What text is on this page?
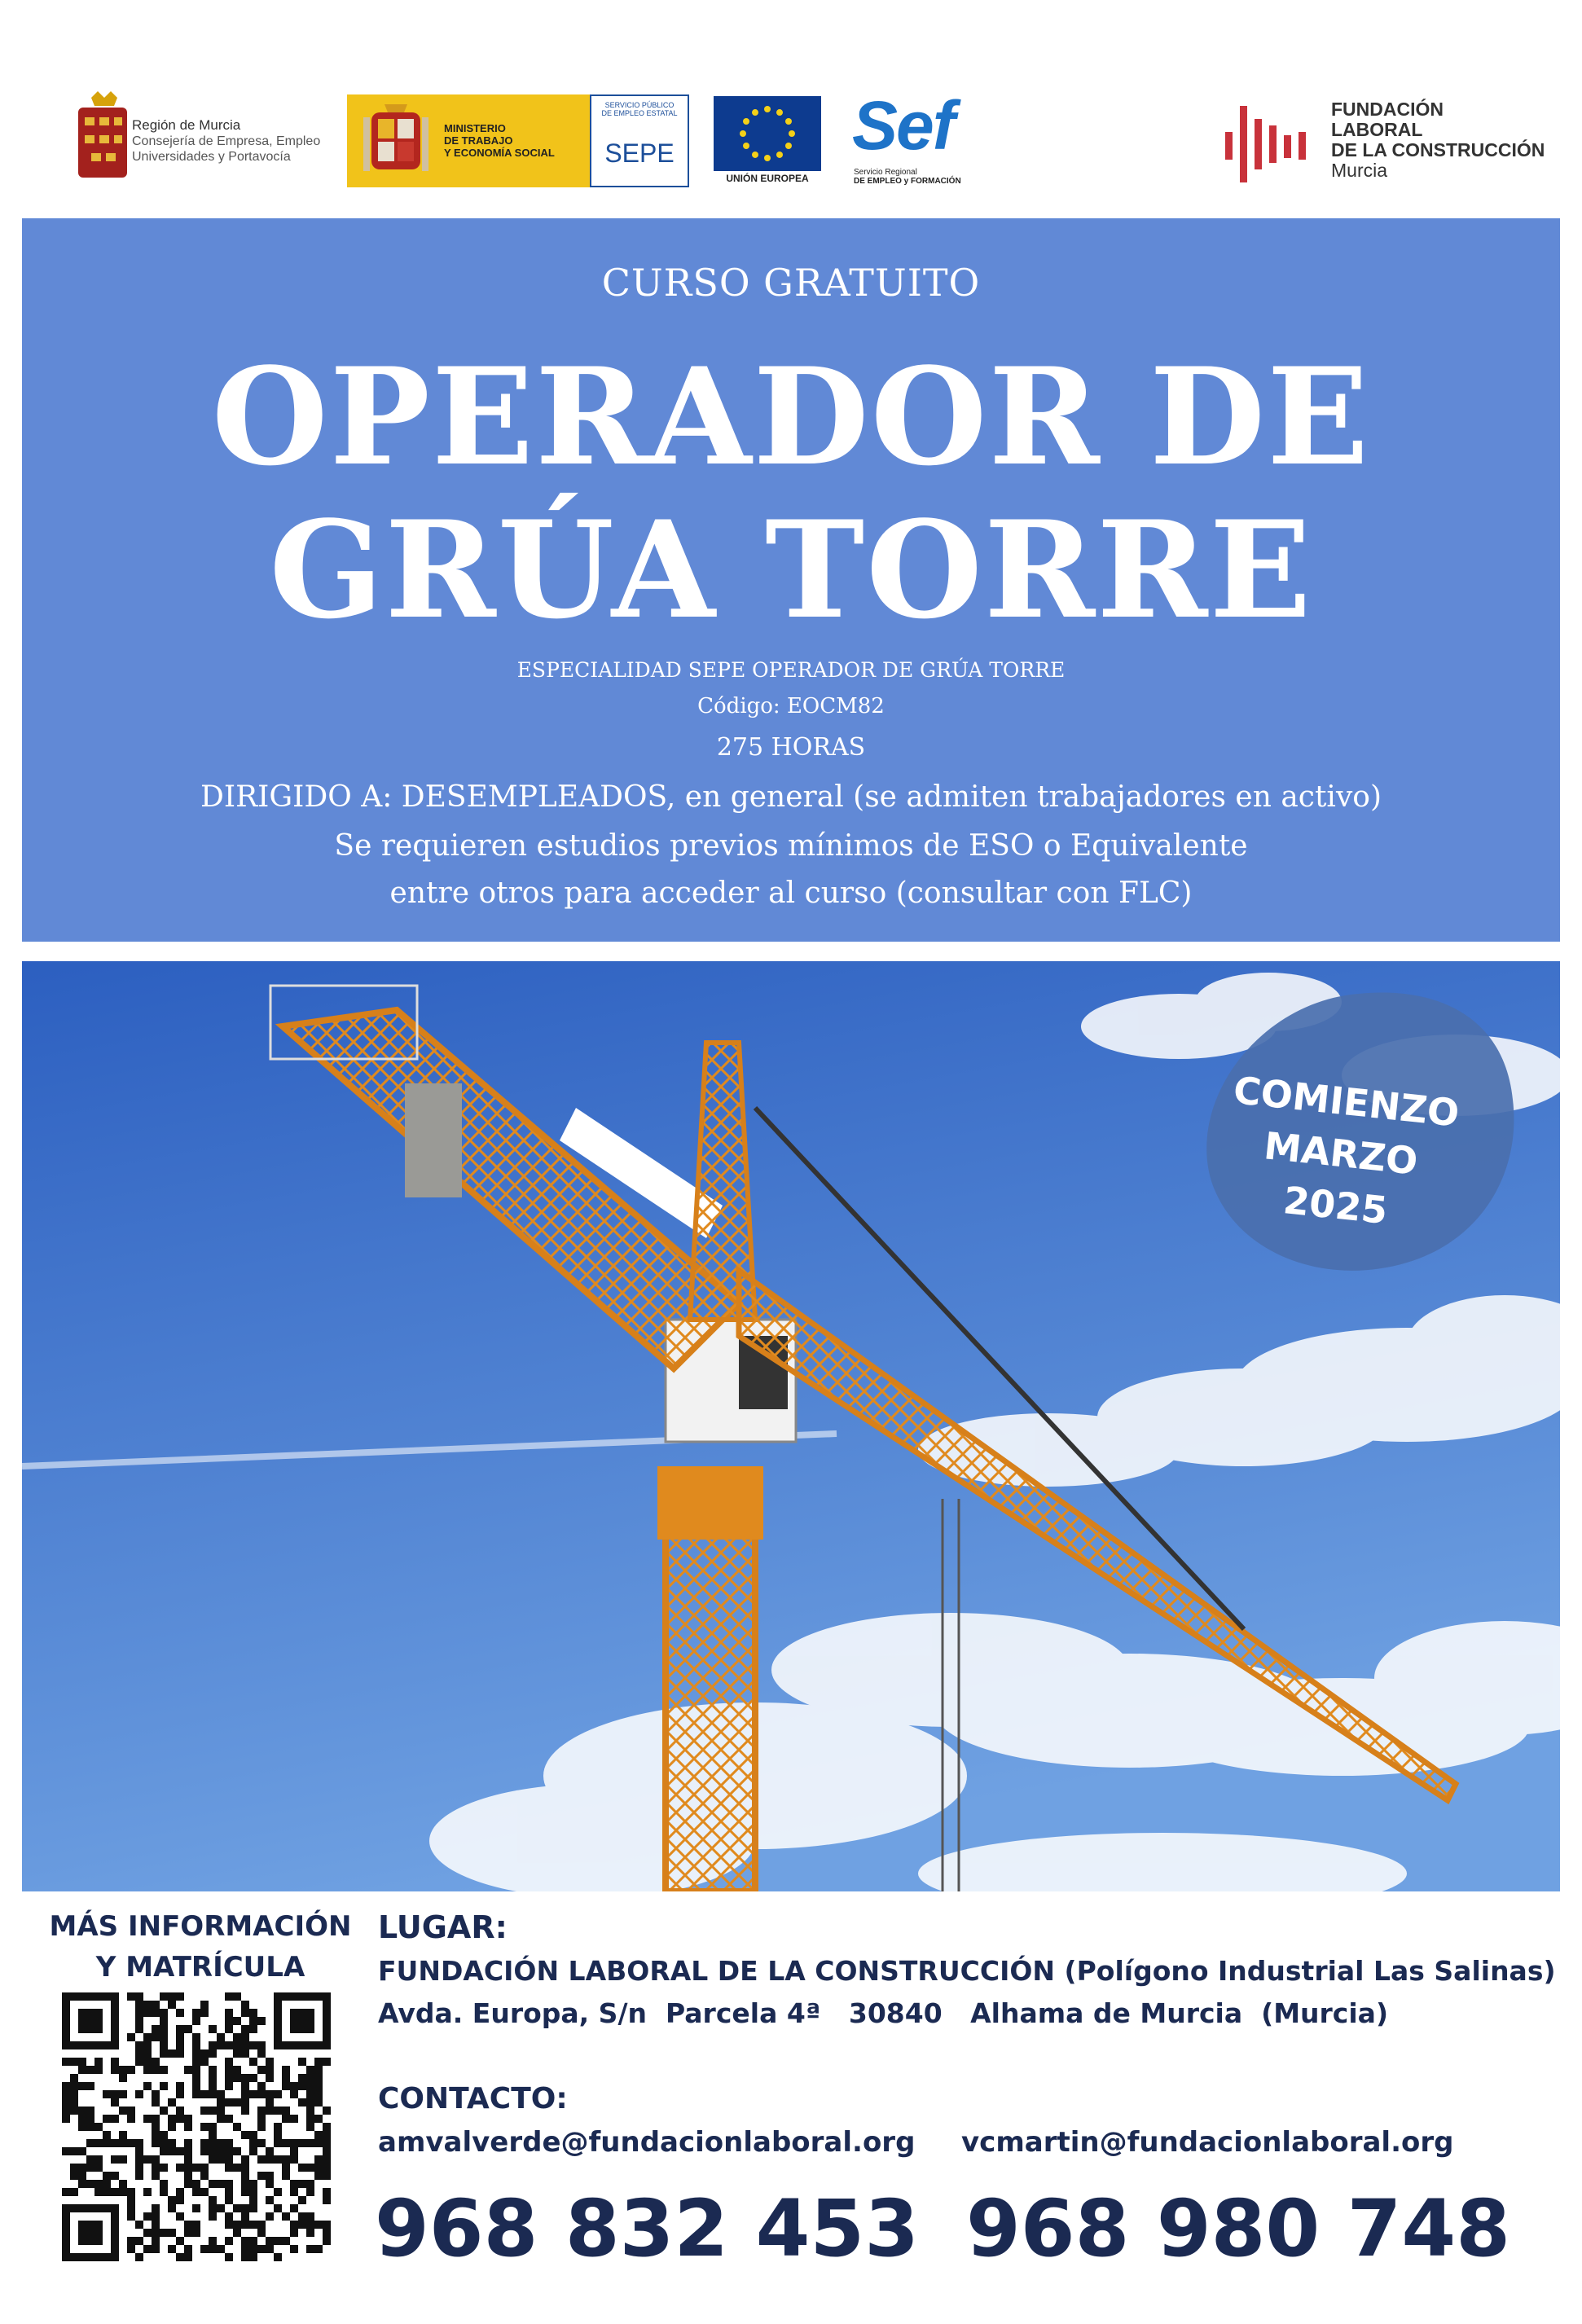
Región de Murcia
Consejería de Empresa, Empleo
Universidades y Portavocía
MINISTERIO
DE TRABAJO
Y ECONOMÍA SOCIAL
SERVICIO PÚBLICO
DE EMPLEO ESTATAL
SEPE
UNIÓN EUROPEA
Sef
Servicio Regional
DE EMPLEO y FORMACIÓN
FUNDACIÓN
LABORAL
DE LA CONSTRUCCIÓN
Murcia
CURSO GRATUITO
OPERADOR DE
GRÚA TORRE
ESPECIALIDAD SEPE OPERADOR DE GRÚA TORRE
Código: EOCM82
275 HORAS
DIRIGIDO A: DESEMPLEADOS, en general (se admiten trabajadores en activo)
Se requieren estudios previos mínimos de ESO o Equivalente
entre otros para acceder al curso (consultar con FLC)
COMIENZO
MARZO
2025
MÁS INFORMACIÓN
Y MATRÍCULA
LUGAR:
FUNDACIÓN LABORAL DE LA CONSTRUCCIÓN (Polígono Industrial Las Salinas)
Avda. Europa, S/n  Parcela 4ª   30840   Alhama de Murcia  (Murcia)
CONTACTO:
amvalverde@fundacionlaboral.org vcmartin@fundacionlaboral.org
968 832 453 968 980 748
